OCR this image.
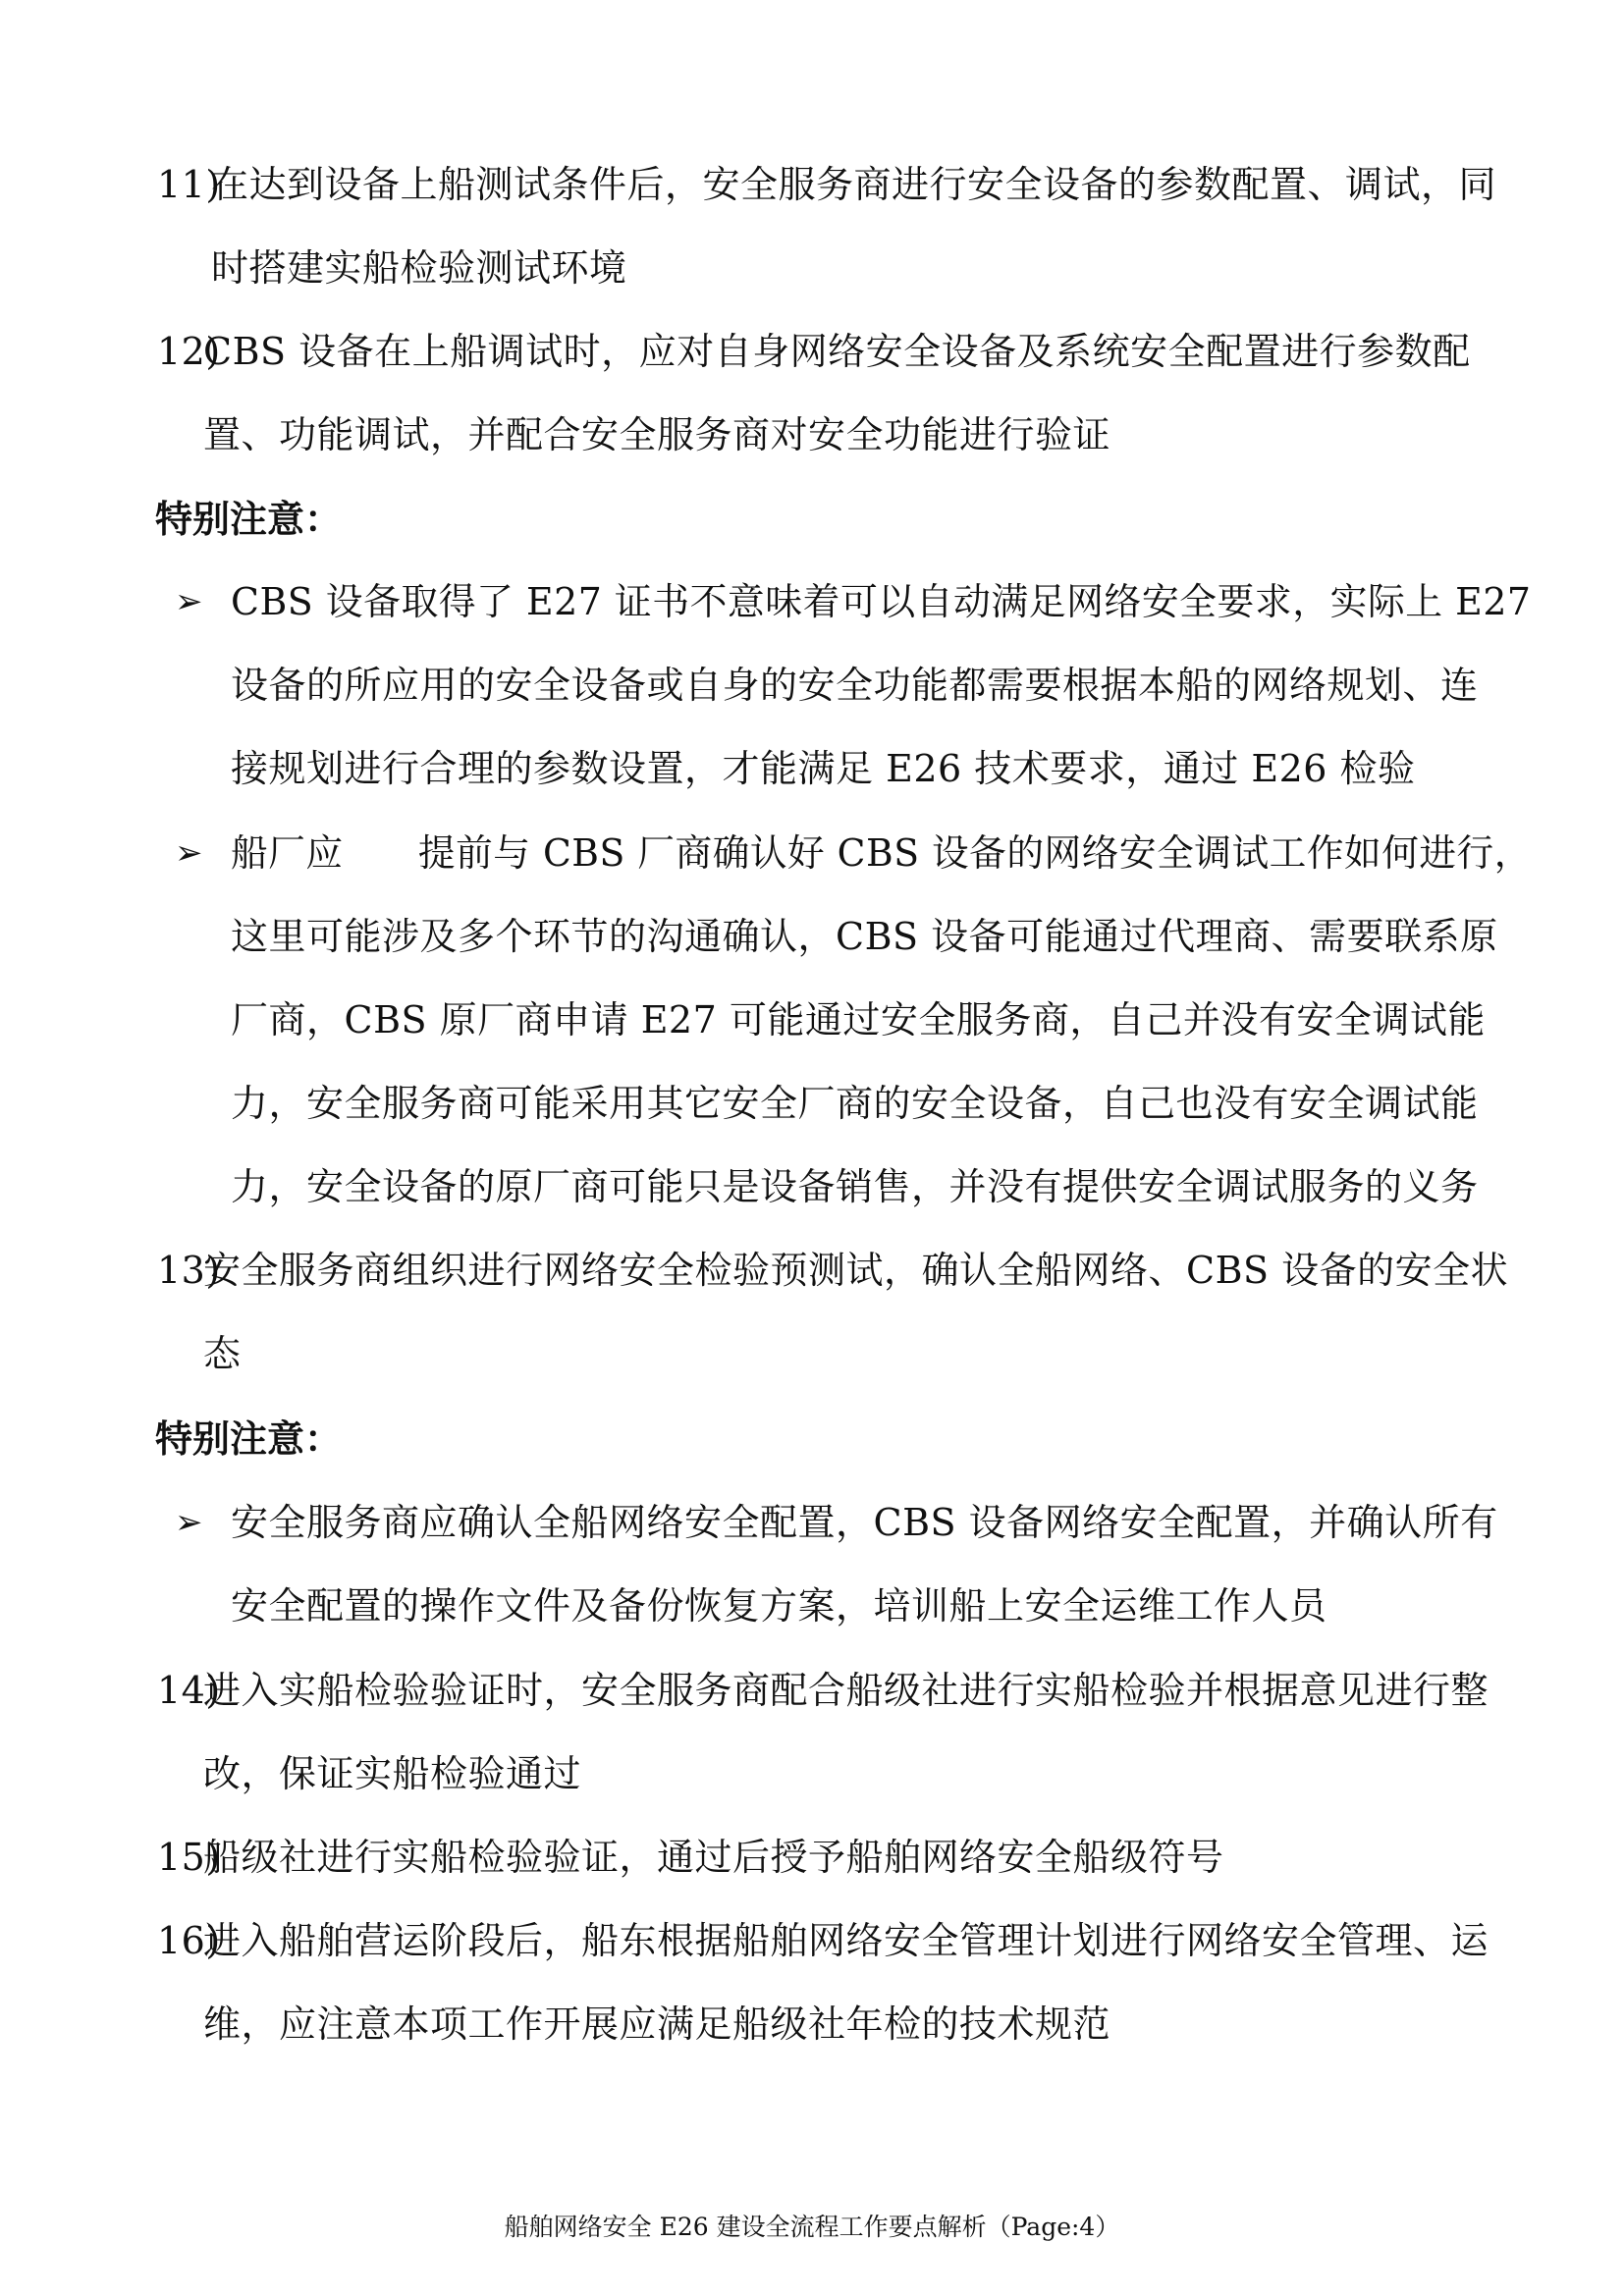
11)
在达到设备上船测试条件后，安全服务商进行安全设备的参数配置、调试，同
时搭建实船检验测试环境
12)
CBS 设备在上船调试时，应对自身网络安全设备及系统安全配置进行参数配
置、功能调试，并配合安全服务商对安全功能进行验证
特别注意：
➢ CBS 设备取得了 E27 证书不意味着可以自动满足网络安全要求，实际上 E27
设备的所应用的安全设备或自身的安全功能都需要根据本船的网络规划、连
接规划进行合理的参数设置，才能满足 E26 技术要求，通过 E26 检验
➢ 船厂应　　提前与 CBS 厂商确认好 CBS 设备的网络安全调试工作如何进行，
这里可能涉及多个环节的沟通确认，CBS 设备可能通过代理商、需要联系原
厂商，CBS 原厂商申请 E27 可能通过安全服务商，自己并没有安全调试能
力，安全服务商可能采用其它安全厂商的安全设备，自己也没有安全调试能
力，安全设备的原厂商可能只是设备销售，并没有提供安全调试服务的义务
13)
安全服务商组织进行网络安全检验预测试，确认全船网络、CBS 设备的安全状
态
特别注意：
➢ 安全服务商应确认全船网络安全配置，CBS 设备网络安全配置，并确认所有
安全配置的操作文件及备份恢复方案，培训船上安全运维工作人员
14)
进入实船检验验证时，安全服务商配合船级社进行实船检验并根据意见进行整
改，保证实船检验通过
15)
船级社进行实船检验验证，通过后授予船舶网络安全船级符号
16)
进入船舶营运阶段后，船东根据船舶网络安全管理计划进行网络安全管理、运
维，应注意本项工作开展应满足船级社年检的技术规范
船舶网络安全 E26 建设全流程工作要点解析（Page:4）
